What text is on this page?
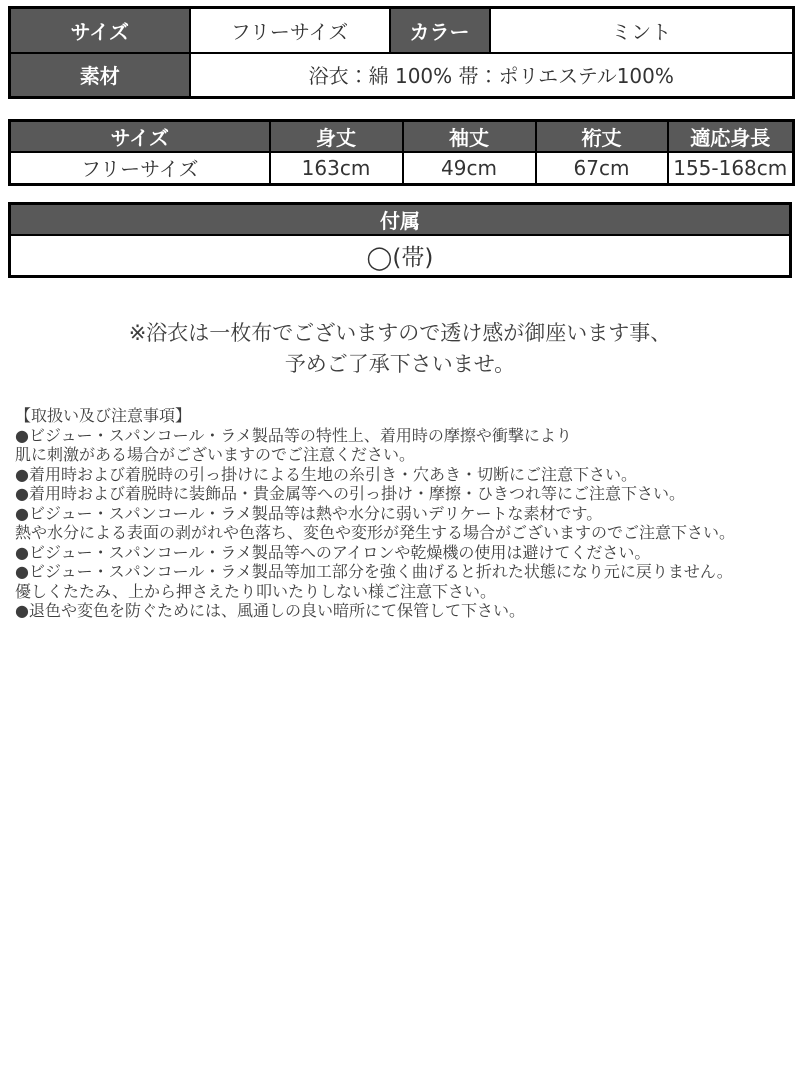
サイズ	フリーサイズ	カラー	ミント
素材	浴衣：綿 100% 帯：ポリエステル100%		
サイズ	身丈	袖丈	裄丈	適応身長
フリーサイズ	163cm	49cm	67cm	155-168cm
付属
◯(帯)
※浴衣は一枚布でございますので透け感が御座います事、
予めご了承下さいませ。
【取扱い及び注意事項】
●ビジュー・スパンコール・ラメ製品等の特性上、着用時の摩擦や衝撃により
肌に刺激がある場合がございますのでご注意ください。
●着用時および着脱時の引っ掛けによる生地の糸引き・穴あき・切断にご注意下さい。
●着用時および着脱時に装飾品・貴金属等への引っ掛け・摩擦・ひきつれ等にご注意下さい。
●ビジュー・スパンコール・ラメ製品等は熱や水分に弱いデリケートな素材です。
熱や水分による表面の剥がれや色落ち、変色や変形が発生する場合がございますのでご注意下さい。
●ビジュー・スパンコール・ラメ製品等へのアイロンや乾燥機の使用は避けてください。
●ビジュー・スパンコール・ラメ製品等加工部分を強く曲げると折れた状態になり元に戻りません。
優しくたたみ、上から押さえたり叩いたりしない様ご注意下さい。
●退色や変色を防ぐためには、風通しの良い暗所にて保管して下さい。
